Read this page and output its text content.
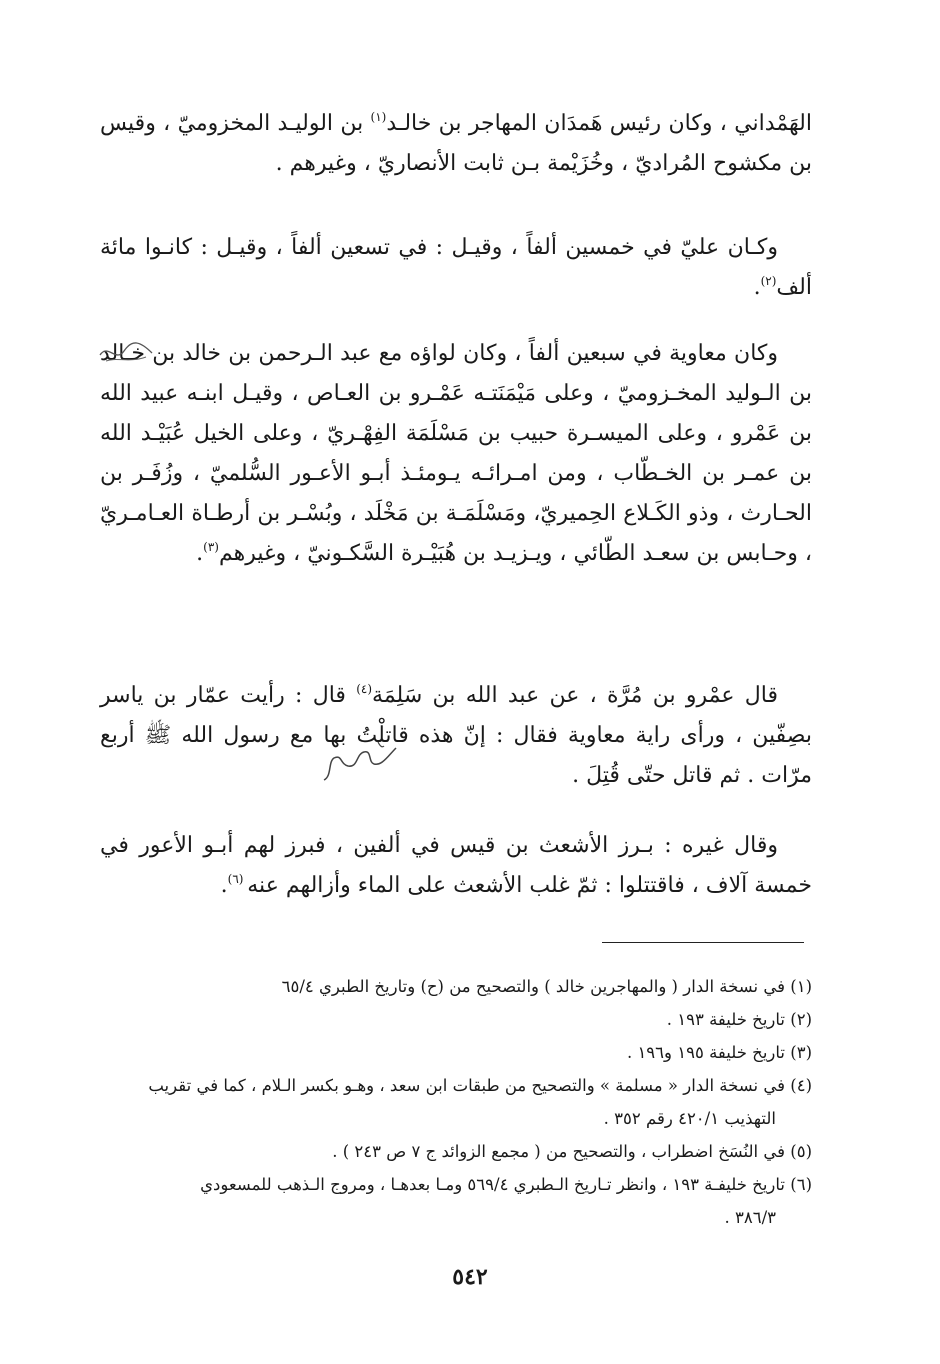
الهَمْداني ، وكان رئيس هَمدَان المهاجر بن خالـد$^{(١)}$ بن الوليـد المخزوميّ ، وقيس بن مكشوح المُراديّ ، وخُزَيْمة بـن ثابت الأنصاريّ ، وغيرهم .

وكـان عليّ في خمسين ألفاً ، وقيـل : في تسعين ألفاً ، وقيـل : كانـوا مائة ألف$^{(٢)}$.

وكان معاوية في سبعين ألفاً ، وكان لواؤه مع عبد الـرحمن بن خالد بن خـالد بن الـوليد المخـزوميّ ، وعلى مَيْمَنَتـه عَمْـرو بن العـاص ، وقيـل ابنـه عبيد الله بن عَمْرو ، وعلى الميسـرة حبيب بن مَسْلَمَة الفِهْـريّ ، وعلى الخيل عُبَيْـد الله بن عمـر بن الخـطّاب ، ومن امـرائـه يـومئـذ أبـو الأعـور السُّلميّ ، وزُفَـر بن الحـارث ، وذو الكَـلاع الحِميريّ، ومَسْلَمَـة بن مَخْلَد ، وبُسْـر بن أرطـاة العـامـريّ ، وحـابس بن سعـد الطّائي ، ويـزيـد بن هُبَيْـرة السَّكـونيّ ، وغيرهم$^{(٣)}$.

قال عمْرو بن مُرَّة ، عن عبد الله بن سَلِمَة$^{(٤)}$ قال : رأيت عمّار بن ياسر بصِفّين ، ورأى راية معاوية فقال : إنّ هذه قاتلْتُ بها مع رسول الله ﷺ أربع مرّات . ثم قاتل حتّى قُتِلَ .

وقال غيره : بـرز الأشعث بن قيس في ألفين ، فبرز لهم أبـو الأعور في خمسة آلاف ، فاقتتلوا : ثمّ غلب الأشعث على الماء وأزالهم عنه $^{(٦)}$.

(١) في نسخة الدار ( والمهاجرين خالد ) والتصحيح من (ح) وتاريخ الطبري ٦٥/٤
(٢) تاريخ خليفة ١٩٣ .
(٣) تاريخ خليفة ١٩٥ و١٩٦ .
(٤) في نسخة الدار « مسلمة » والتصحيح من طبقات ابن سعد ، وهـو بكسر الـلام ، كما في تقريب
التهذيب ٤٢٠/١ رقم ٣٥٢ .
(٥) في النُسَخ اضطراب ، والتصحيح من ( مجمع الزوائد ج ٧ ص ٢٤٣ ) .
(٦) تاريخ خليفـة ١٩٣ ، وانظر تـاريخ الـطبري ٥٦٩/٤ ومـا بعدهـا ، ومروج الـذهب للمسعودي
٣٨٦/٣ .
٥٤٢
